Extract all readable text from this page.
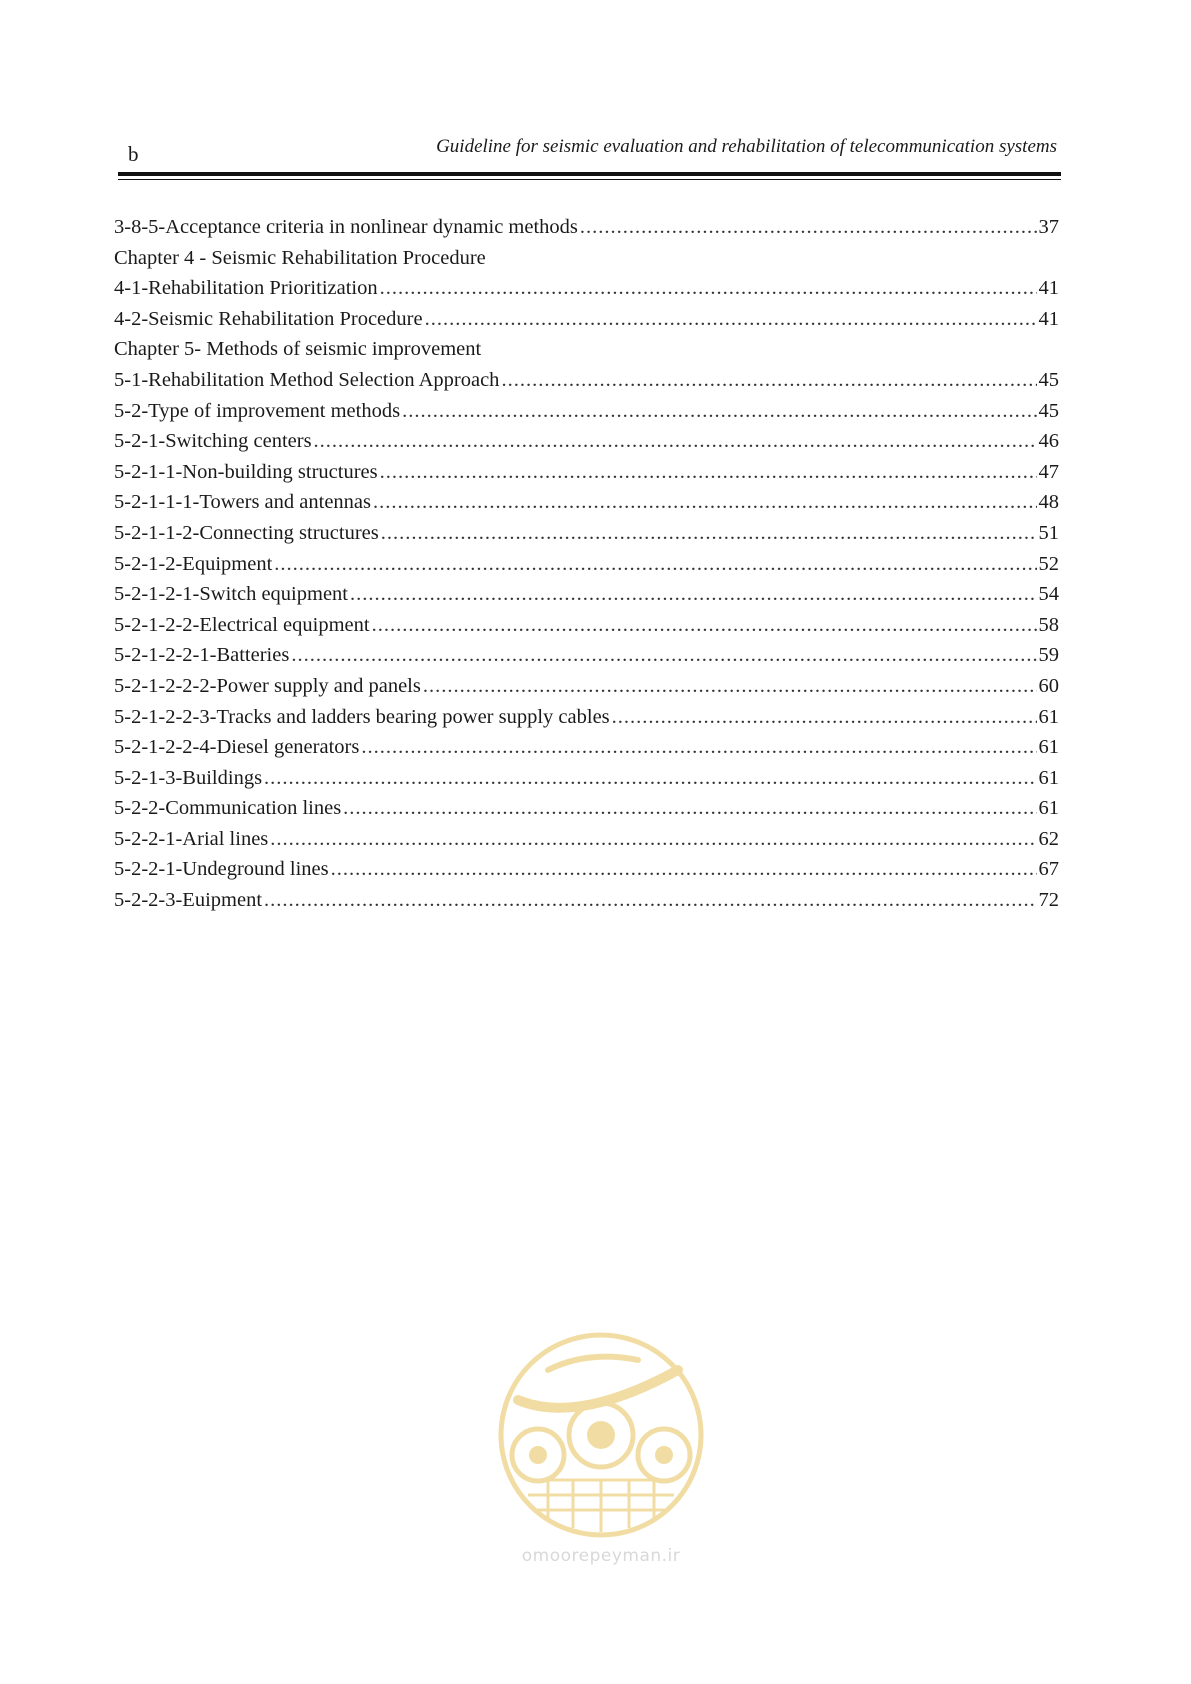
b	Guideline for seismic evaluation and rehabilitation of telecommunication systems
3-8-5-Acceptance criteria in nonlinear dynamic methods .....	37
Chapter 4 - Seismic Rehabilitation Procedure
4-1-Rehabilitation Prioritization .....	41
4-2-Seismic Rehabilitation Procedure .....	41
Chapter 5- Methods of seismic improvement
5-1-Rehabilitation Method Selection Approach .....	45
5-2-Type of improvement methods .....	45
5-2-1-Switching centers .....	46
5-2-1-1-Non-building structures .....	47
5-2-1-1-1-Towers and antennas .....	48
5-2-1-1-2-Connecting structures .....	51
5-2-1-2-Equipment .....	52
5-2-1-2-1-Switch equipment .....	54
5-2-1-2-2-Electrical equipment .....	58
5-2-1-2-2-1-Batteries .....	59
5-2-1-2-2-2-Power supply and panels .....	60
5-2-1-2-2-3-Tracks and ladders bearing power supply cables .....	61
5-2-1-2-2-4-Diesel generators .....	61
5-2-1-3-Buildings .....	61
5-2-2-Communication lines .....	61
5-2-2-1-Arial lines .....	62
5-2-2-1-Undeground lines .....	67
5-2-2-3-Euipment .....	72
omoorepeyman.ir
